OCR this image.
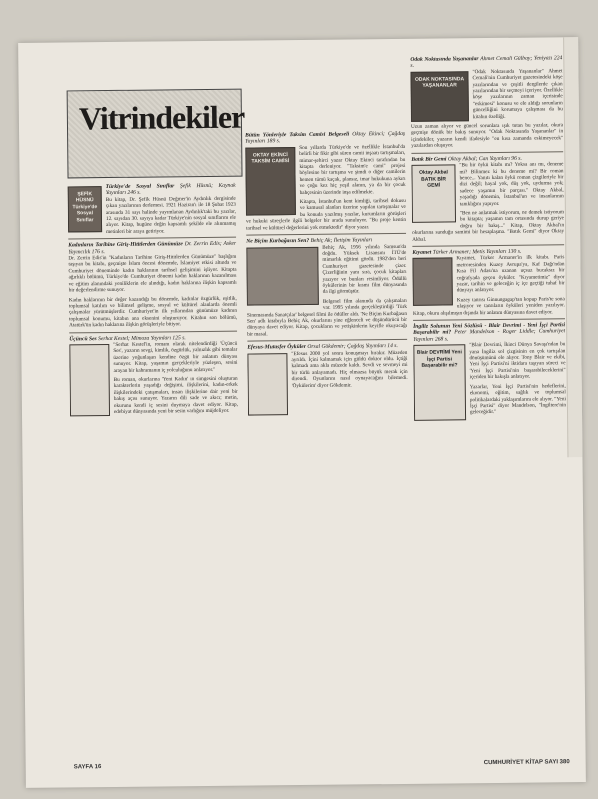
Vitrindekiler
ŞEFİK HÜSNÜ Türkiye'de Sosyal Sınıflar
Türkiye'de Sosyal Sınıflar Şefik Hüsnü; Kaynak Yayınları 246 s.

Bu kitap, Dr. Şefik Hüsnü Değmer'in Aydınlık dergisinde çıkan yazılarının derlemesi. 1921 Haziran'ı ile 18 Şubat 1923 arasında 31 sayı halinde yayımlanan Aydınlık'taki bu yazılar, 12. sayıdan 30. sayıya kadar Türkiye'nin sosyal sınıflarını ele alıyor. Kitap, bugüne değin kapsamlı şekilde ele alınmamış metinleri bir araya getiriyor.

Kadınların Tarihine Giriş-Hititlerden Günümüze Dr. Zerrin Edis; Asker Yayıncılık 176 s.

Dr. Zerrin Edis'in "Kadınların Tarihine Giriş-Hititlerden Günümüze" başlığını taşıyan bu kitabı, geçmişte İslam öncesi dönemde, İslamiyet etkisi altında ve Cumhuriyet döneminde kadın haklarının tarihsel gelişimini işliyor. Kitapta ağırlıklı bölümü, Türkiye'de Cumhuriyet dönemi kadın haklarının kazanılması ve eğitim alanındaki yeniliklerin ele alındığı, kadın haklarına ilişkin kapsamlı bir değerlendirme sunuyor.

Kadın haklarının bir değer kazandığı bu dönemde, kadınlar özgürlük, eşitlik, toplumsal katılım ve bilimsel gelişme, sosyal ve kültürel alanlarda önemli çalışmalar yürütmüşlerdir. Cumhuriyet'in ilk yıllarından günümüze kadının toplumsal konumu, kitabın ana eksenini oluşturuyor. Kitabın son bölümü, Atatürk'ün kadın haklarına ilişkin görüşleriyle bitiyor.

Üçüncü Ses Serhat Kestel; Mimoza Yayınları 125 s.

"Serhat Kestel'in, romanı olarak nitelendirdiği 'Üçüncü Ses', yazarın sevgi, kimlik, özgürlük, yalnızlık gibi temalar üzerine yoğunlaşan kendine özgü bir anlatım dünyası sunuyor. Kitap, yaşamın gerçekleriyle yüzleşen, sesini arayan bir kahramanın iç yolculuğunu anlatıyor."

Bu roman, okurlarına 'Yeni Kadın' ın simgesini oluşturan karakterlerin yaşadığı değişimi, ilişkilerini, kadın-erkek ilişkilerindeki çatışmaları, insan ilişkilerine dair yeni bir bakış açısı sunuyor. Yazarın dili sade ve akıcı; metin, okurunu kendi iç sesini duymaya davet ediyor. Kitap, edebiyat dünyasında yeni bir sesin varlığını müjdeliyor.

Bütün Yönleriyle Taksim Camisi Belgeseli Oktay Ekinci; Çağdaş Yayınları 189 s.
OKTAY EKİNCİ TAKSİM CAMİSİ

Son yıllarda Türkiye'de ve özellikle İstanbul'da belirli bir fikir gibi süren camii inşaatı tartışmaları, mimar-şehirci yazar Oktay Ekinci tarafından bu kitapta derleniyor. "Taksim'e cami" projesi böylesine bir tartışma ve şimdi o diğer camilerin hemen tümü kaçak, plansız, imar hukukuna aykırı ve çoğu kez hiç yeşil alanın, ya da bir çocuk bahçesinin üzerinde inşa edilmekte.

Kitapta, İstanbul'un kent kimliği, tarihsel dokusu ve kamusal alanları üzerine yapılan tartışmalar ve bu konuda yazılmış yazılar, kurumların görüşleri ve hukuki süreçlerle ilgili belgeler bir arada sunuluyor. "Bu proje kentin tarihsel ve kültürel değerlerini yok etmektedir" diyor yazar.

Ne Biçim Kurbağasın Sen? Behiç Ak; İletişim Yayınları

Behiç Ak, 1956 yılında Samsun'da doğdu. Yüksek Lisansını İTÜ'de mimarlık eğitimi gördü. 1982'den beri Cumhuriyet gazetesinde çizer. Çizerliğinin yanı sıra, çocuk kitapları yazıyor ve bunları resimliyor. Ödüllü öykülerinin bir kısmı film dünyasında da ilgi görmüştür.

Belgesel film alanında da çalışmaları var. 1995 yılında gerçekleştirdiği 'Türk Sinemasında Sanatçılar' belgesel filmi ile ödüller aldı. 'Ne Biçim Kurbağasın Sen' adlı kitabıyla Behiç Ak, okurlarını yine eğlenceli ve düşündürücü bir dünyaya davet ediyor. Kitap, çocukların ve yetişkinlerin keyifle okuyacağı bir masal.

Efesus-Mutasfer Öyküler Orsal Gökdemir; Çağdaş Yayınları 14 s.

"Efesus 2000 yol sonra konuşmayı bırakır. Müzeden ayrıldı. İçini kalmamak için güldü doktor oldu. İçtiği kalmadı ama akla müzede kaldı. Sevdi ve sevmeyi mi bir türlü anlayamadı. Hiç olmazsa büyük merak için direndi. Oyunlarını nasıl oynayacağını bilemedi. 'Öykülerim' diyor Gökdemir.

Odak Noktasında Yaşananlar Ahmet Cemali Gülbay; Yeniyazı 224 s.
ODAK NOKTASINDA YAŞANANLAR

"Odak Noktasında Yaşananlar" Ahmet Cemali'nin Cumhuriyet gazetesindeki köşe yazılarından ve çeşitli dergilerde çıkan yazılarından bir seçmeyi içeriyor. Özellikle köşe yazılarının zaman içerisinde "eskimesi" konusu ve ele aldığı sorunların güncelliğini korumaya çalışması da bu kitabın özelliği.

Uzun zaman alıyor ve güncel sorunlara ışık tutan bu yazılar, okura geçmişe dönük bir bakış sunuyor. "Odak Noktasında Yaşananlar" in içindekiler, yazarın kendi ifadesiyle "en kısa zamanda eskimeyecek" yazılardan oluşuyor.

Batık Bir Gemi Oktay Akbal; Can Yayınları 96 s.
Oktay Akbal BATIK BİR GEMİ

"Bu bir öykü kitabı mı? Yoksa anı mı, deneme mi? Bilinmez ki bu deneme mi? Bir roman bence... Yanıtı kalan öykü roman çizgileriyle bir dizi değil; hayal yok, düş yok, uydurma yok; sadece yaşamın bir parçası." Oktay Akbal, yaşadığı dönemin, İstanbul'un ve insanlarının tanıklığını yapıyor.

"Ben ne anlatmak istiyorum, ne demek istiyorum bu kitapta; yaşamın tam ortasında durup geriye doğru bir bakış..." Kitap, Oktay Akbal'ın okurlarına sunduğu samimi bir hesaplaşma. "Batık Gemi" diyor Oktay Akbal.

Kıyamet Türker Armaner; Metis Yayınları 130 s.

Kıyamet, Türker Armaner'in ilk kitabı. Paris metroresinden Kuzey Avrupa'ya, Kaf Dağı'ndan Kısa Fil Adası'na uzanan uçsuz bucaksız bir coğrafyada geçen öyküler. "Kıyametimiz" diyor yazar, tarihin ve geleceğin iç içe geçtiği tuhaf bir dünyayı anlatıyor.

Kuzey tanrısı Ginnungagap'tan kopup Paris'te sona ulaşıyor ve tanrıların öyküleri yeniden yazılıyor. Kitap, okuru alışılmışın dışında bir anlatım dünyasına davet ediyor.

İngiliz Solunun Yeni Sözlüsü - Blair Devrimi - Yeni İşçi Partisi Başarabilir mi? Peter Mandelson - Roger Liddle; Cumhuriyet Yayınları 268 s.
Blair DEVRİMİ Yeni İşçi Partisi Başarabilir mi?

"Blair Devrimi, İkinci Dünya Savaşı'ndan bu yana İngiliz sol çizgisinin en çok tartışılan dönüşümünü ele alıyor. Tony Blair ve ekibi, Yeni İşçi Partisi'ni iktidara taşıyan süreci ve 'Yeni İşçi Partisi'nin başarabileceklerini" içeriden bir bakışla anlatıyor.

Yazarlar, Yeni İşçi Partisi'nin hedeflerini, ekonomi, eğitim, sağlık ve toplumsal politikalardaki yaklaşımlarını ele alıyor. "Yeni İşçi Partisi" diyor Mandelson, "İngiltere'nin geleceğidir."

SAYFA 16
CUMHURİYET KİTAP SAYI 380
